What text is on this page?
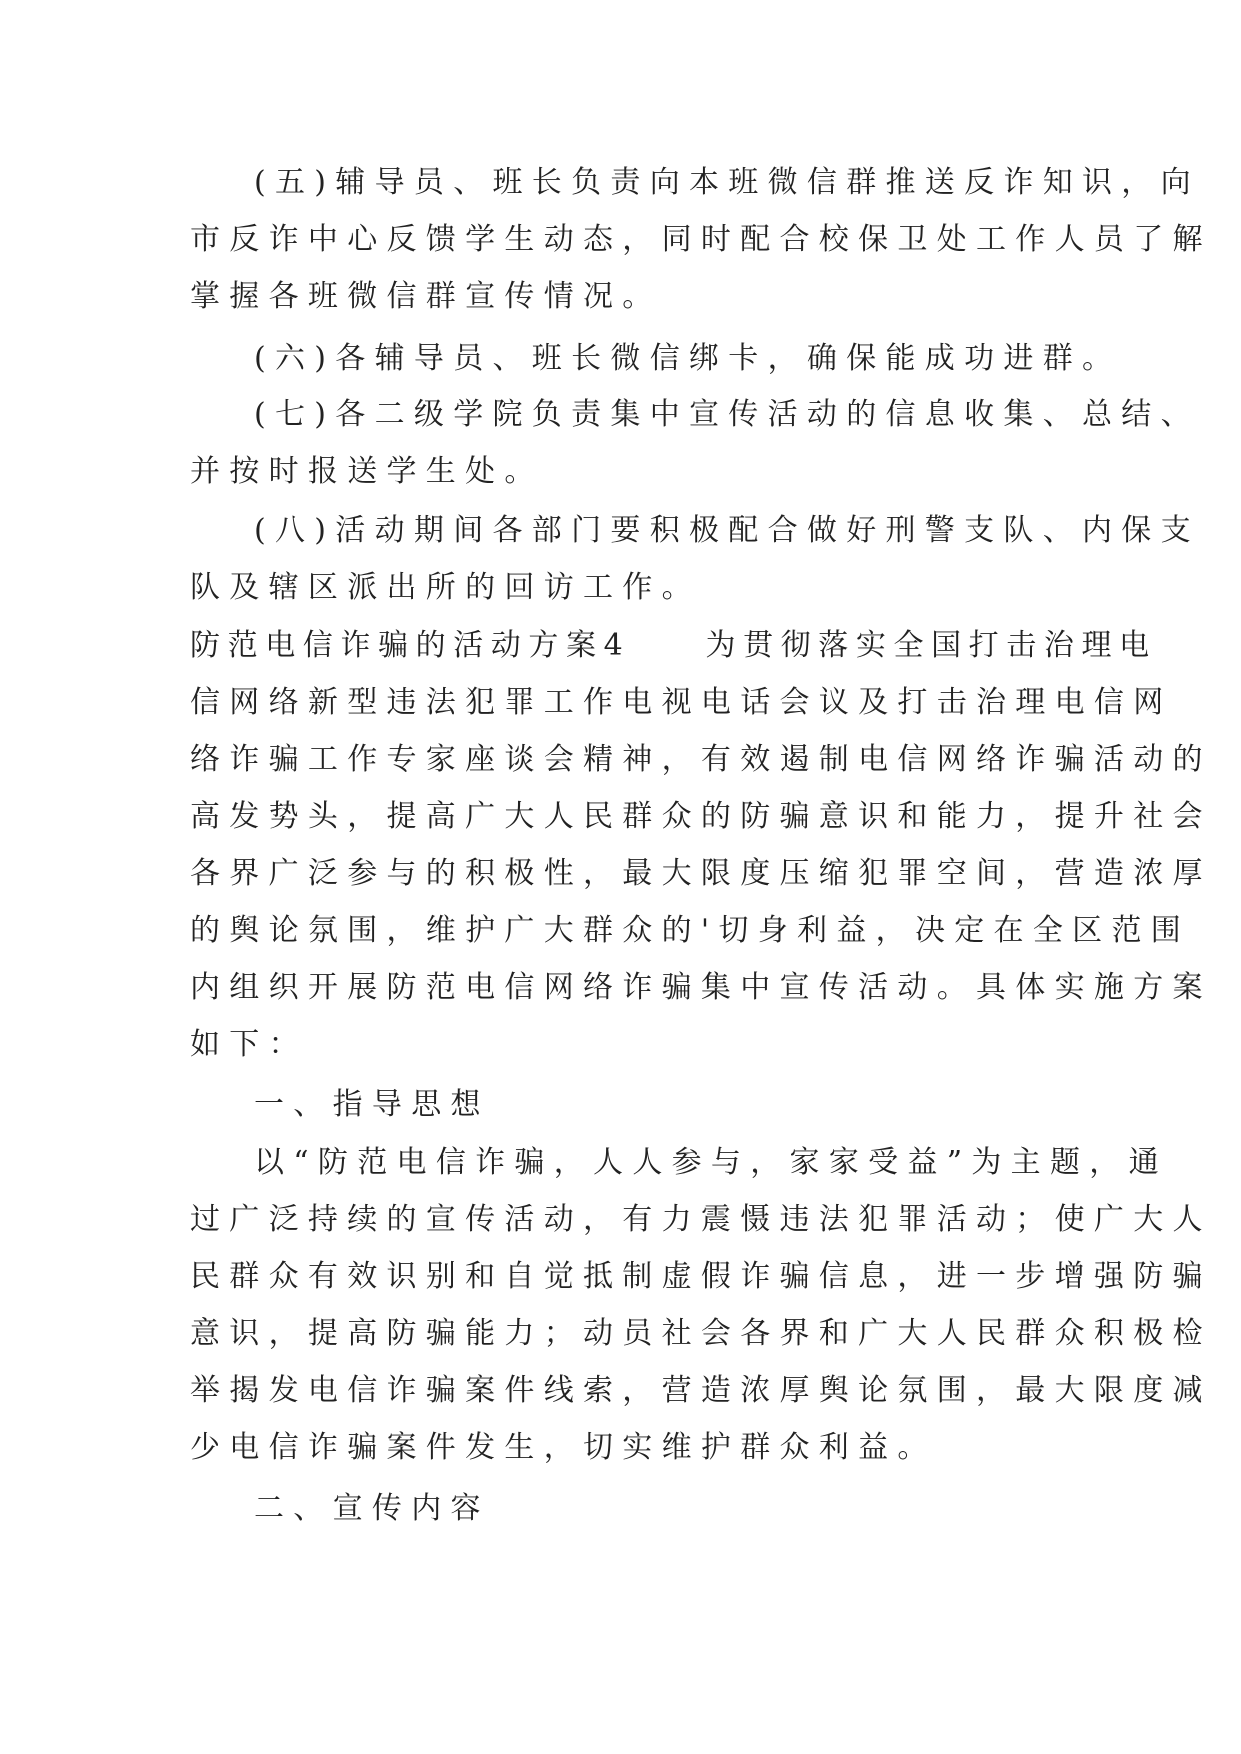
(五)辅导员、班长负责向本班微信群推送反诈知识，向
市反诈中心反馈学生动态，同时配合校保卫处工作人员了解
掌握各班微信群宣传情况。
(六)各辅导员、班长微信绑卡，确保能成功进群。
(七)各二级学院负责集中宣传活动的信息收集、总结、
并按时报送学生处。
(八)活动期间各部门要积极配合做好刑警支队、内保支
队及辖区派出所的回访工作。
防范电信诈骗的活动方案4　　为贯彻落实全国打击治理电
信网络新型违法犯罪工作电视电话会议及打击治理电信网
络诈骗工作专家座谈会精神，有效遏制电信网络诈骗活动的
高发势头，提高广大人民群众的防骗意识和能力，提升社会
各界广泛参与的积极性，最大限度压缩犯罪空间，营造浓厚
的舆论氛围，维护广大群众的'切身利益，决定在全区范围
内组织开展防范电信网络诈骗集中宣传活动。具体实施方案
如下：
一、指导思想
以“防范电信诈骗，人人参与，家家受益”为主题，通
过广泛持续的宣传活动，有力震慑违法犯罪活动；使广大人
民群众有效识别和自觉抵制虚假诈骗信息，进一步增强防骗
意识，提高防骗能力；动员社会各界和广大人民群众积极检
举揭发电信诈骗案件线索，营造浓厚舆论氛围，最大限度减
少电信诈骗案件发生，切实维护群众利益。
二、宣传内容
